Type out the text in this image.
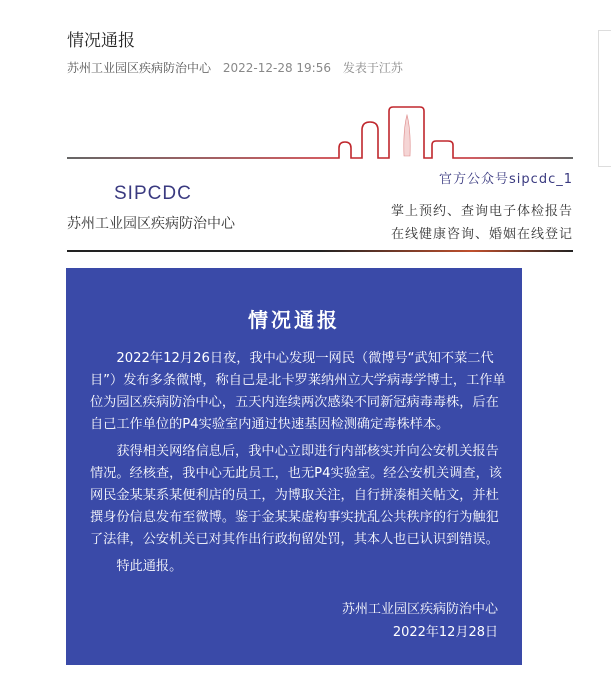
情况通报
苏州工业园区疾病防治中心 2022-12-28 19:56 发表于江苏
SIPCDC
苏州工业园区疾病防治中心
官方公众号sipcdc_1
掌上预约、查询电子体检报告
在线健康咨询、婚姻在线登记
情况通报
　　2022年12月26日夜，我中心发现一网民（微博号“武知不菜二代
目”）发布多条微博，称自己是北卡罗莱纳州立大学病毒学博士，工作单
位为园区疾病防治中心，五天内连续两次感染不同新冠病毒毒株，后在
自己工作单位的P4实验室内通过快速基因检测确定毒株样本。
　　获得相关网络信息后，我中心立即进行内部核实并向公安机关报告
情况。经核查，我中心无此员工，也无P4实验室。经公安机关调查，该
网民金某某系某便利店的员工，为博取关注，自行拼凑相关帖文，并杜
撰身份信息发布至微博。鉴于金某某虚构事实扰乱公共秩序的行为触犯
了法律，公安机关已对其作出行政拘留处罚，其本人也已认识到错误。
　　特此通报。
苏州工业园区疾病防治中心
2022年12月28日
